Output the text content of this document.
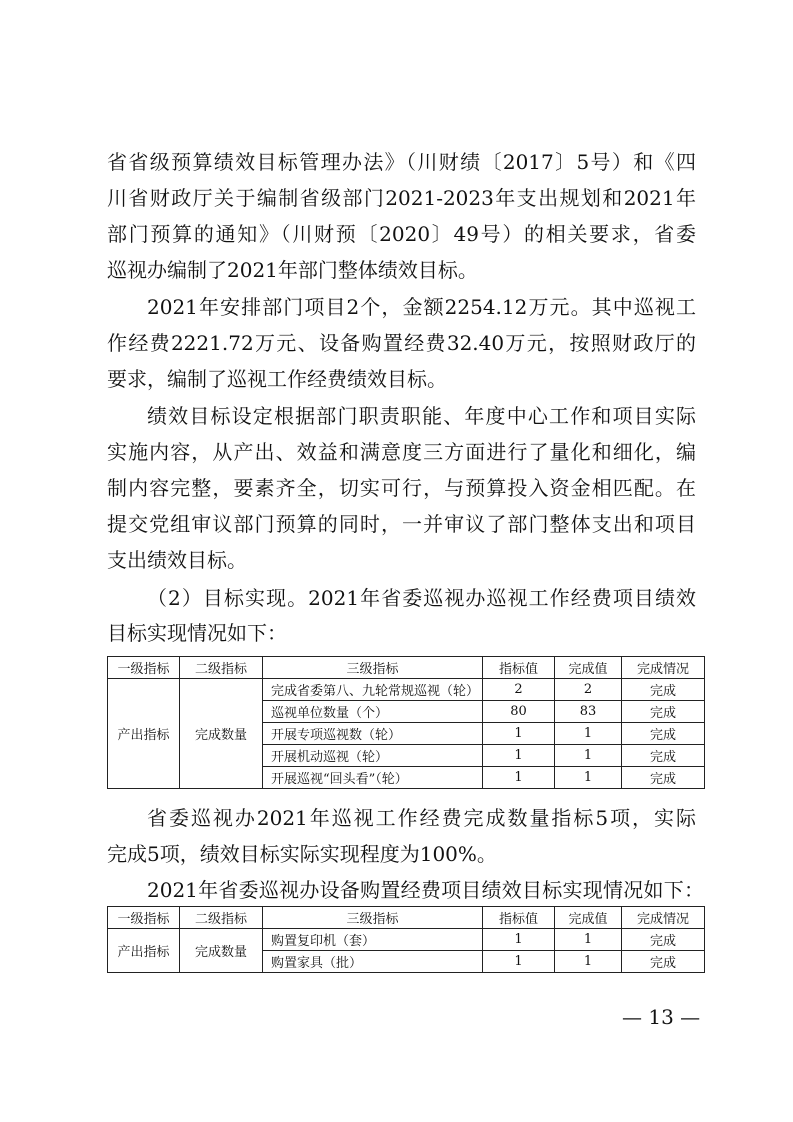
省省级预算绩效目标管理办法》（川财绩〔2017〕5号）和《四
川省财政厅关于编制省级部门2021-2023年支出规划和2021年
部门预算的通知》（川财预〔2020〕49号）的相关要求，省委
巡视办编制了2021年部门整体绩效目标。
2021年安排部门项目2个，金额2254.12万元。其中巡视工
作经费2221.72万元、设备购置经费32.40万元，按照财政厅的
要求，编制了巡视工作经费绩效目标。
绩效目标设定根据部门职责职能、年度中心工作和项目实际
实施内容，从产出、效益和满意度三方面进行了量化和细化，编
制内容完整，要素齐全，切实可行，与预算投入资金相匹配。在
提交党组审议部门预算的同时，一并审议了部门整体支出和项目
支出绩效目标。
（2）目标实现。2021年省委巡视办巡视工作经费项目绩效
目标实现情况如下：
一级指标	二级指标	三级指标	指标值	完成值	完成情况
产出指标	完成数量	完成省委第八、九轮常规巡视（轮）	2	2	完成
		巡视单位数量（个）	80	83	完成
		开展专项巡视数（轮）	1	1	完成
		开展机动巡视（轮）	1	1	完成
		开展巡视“回头看”（轮）	1	1	完成
省委巡视办2021年巡视工作经费完成数量指标5项，实际
完成5项，绩效目标实际实现程度为100%。
2021年省委巡视办设备购置经费项目绩效目标实现情况如下：
一级指标	二级指标	三级指标	指标值	完成值	完成情况
产出指标	完成数量	购置复印机（套）	1	1	完成
		购置家具（批）	1	1	完成
— 13 —
